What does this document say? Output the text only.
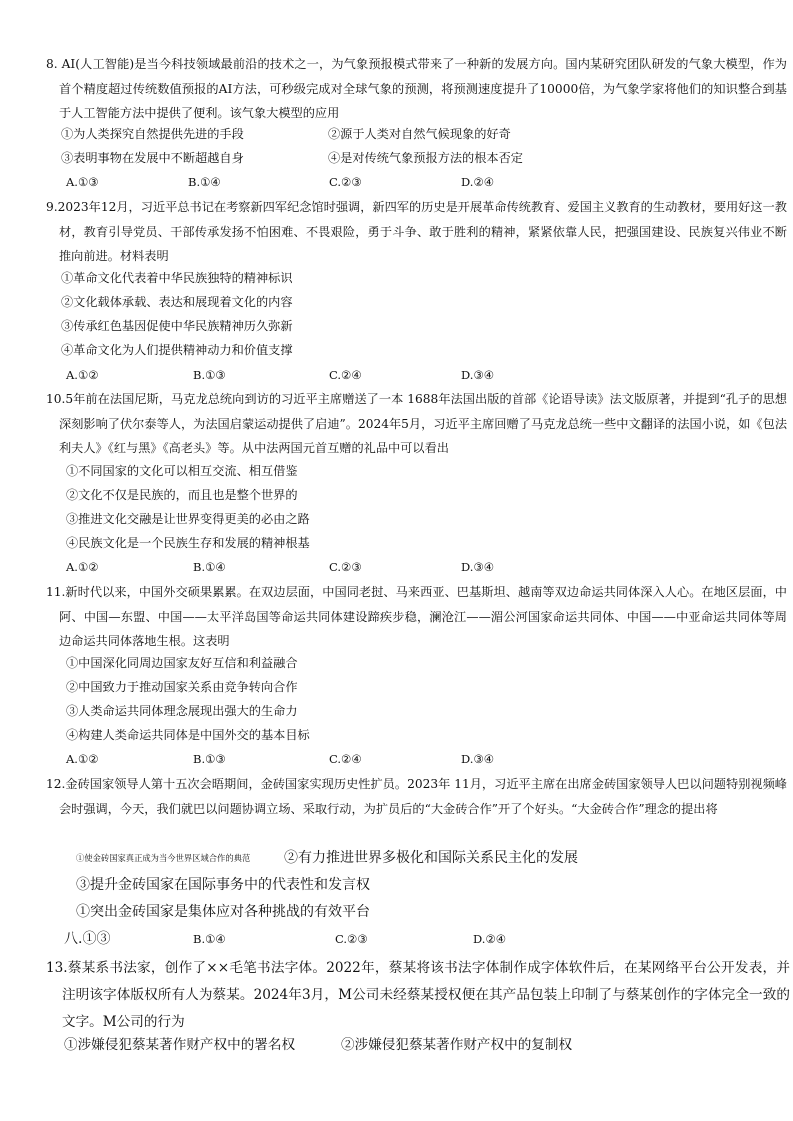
8. AI(人工智能)是当今科技领域最前沿的技术之一，为气象预报模式带来了一种新的发展方向。国内某研究团队研发的气象大模型，作为首个精度超过传统数值预报的AI方法，可秒级完成对全球气象的预测，将预测速度提升了10000倍，为气象学家将他们的知识整合到基于人工智能方法中提供了便利。该气象大模型的应用

①为人类探究自然提供先进的手段	②源于人类对自然气候现象的好奇
③表明事物在发展中不断超越自身	④是对传统气象预报方法的根本否定
A.①③	B.①④	C.②③	D.②④

9.2023年12月，习近平总书记在考察新四军纪念馆时强调，新四军的历史是开展革命传统教育、爱国主义教育的生动教材，要用好这一教材，教育引导党员、干部传承发扬不怕困难、不畏艰险，勇于斗争、敢于胜利的精神，紧紧依靠人民，把强国建设、民族复兴伟业不断推向前进。材料表明

①革命文化代表着中华民族独特的精神标识
②文化载体承载、表达和展现着文化的内容
③传承红色基因促使中华民族精神历久弥新
④革命文化为人们提供精神动力和价值支撑
A.①②	B.①③	C.②④	D.③④

10.5年前在法国尼斯，马克龙总统向到访的习近平主席赠送了一本 1688年法国出版的首部《论语导读》法文版原著，并提到“孔子的思想深刻影响了伏尔泰等人，为法国启蒙运动提供了启迪”。2024年5月，习近平主席回赠了马克龙总统一些中文翻译的法国小说，如《包法利夫人》《红与黑》《高老头》等。从中法两国元首互赠的礼品中可以看出

①不同国家的文化可以相互交流、相互借鉴
②文化不仅是民族的，而且也是整个世界的
③推进文化交融是让世界变得更美的必由之路
④民族文化是一个民族生存和发展的精神根基
A.①②	B.①④	C.②③	D.③④

11.新时代以来，中国外交硕果累累。在双边层面，中国同老挝、马来西亚、巴基斯坦、越南等双边命运共同体深入人心。在地区层面，中阿、中国—东盟、中国——太平洋岛国等命运共同体建设蹄疾步稳，澜沧江——湄公河国家命运共同体、中国——中亚命运共同体等周边命运共同体落地生根。这表明

①中国深化同周边国家友好互信和利益融合
②中国致力于推动国家关系由竞争转向合作
③人类命运共同体理念展现出强大的生命力
④构建人类命运共同体是中国外交的基本目标
A.①②	B.①③	C.②④	D.③④

12.金砖国家领导人第十五次会晤期间，金砖国家实现历史性扩员。2023年 11月，习近平主席在出席金砖国家领导人巴以问题特别视频峰会时强调，今天，我们就巴以问题协调立场、采取行动，为扩员后的“大金砖合作”开了个好头。“大金砖合作”理念的提出将

①使金砖国家真正成为当今世界区域合作的典范 ②有力推进世界多极化和国际关系民主化的发展
③提升金砖国家在国际事务中的代表性和发言权
①突出金砖国家是集体应对各种挑战的有效平台
八.①③	B.①④	C.②③	D.②④

13.蔡某系书法家，创作了××毛笔书法字体。2022年，蔡某将该书法字体制作成字体软件后，在某网络平台公开发表，并注明该字体版权所有人为蔡某。2024年3月，M公司未经蔡某授权便在其产品包装上印制了与蔡某创作的字体完全一致的文字。M公司的行为

①涉嫌侵犯蔡某著作财产权中的署名权	②涉嫌侵犯蔡某著作财产权中的复制权
